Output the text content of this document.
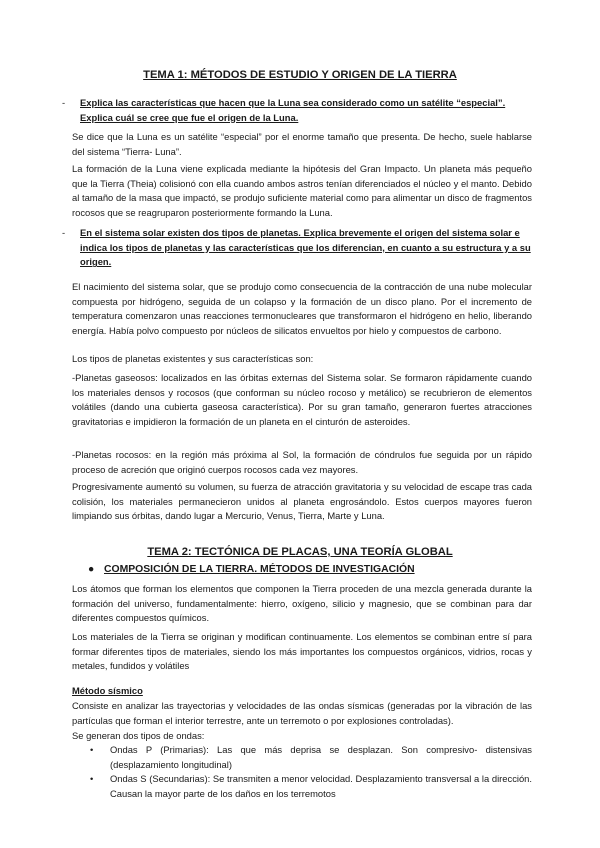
TEMA 1: MÉTODOS DE ESTUDIO Y ORIGEN DE LA TIERRA
- Explica las características que hacen que la Luna sea considerado como un satélite “especial”. Explica cuál se cree que fue el origen de la Luna.

Se dice que la Luna es un satélite “especial” por el enorme tamaño que presenta. De hecho, suele hablarse del sistema “Tierra- Luna”.

La formación de la Luna viene explicada mediante la hipótesis del Gran Impacto. Un planeta más pequeño que la Tierra (Theia) colisionó con ella cuando ambos astros tenían diferenciados el núcleo y el manto. Debido al tamaño de la masa que impactó, se produjo suficiente material como para alimentar un disco de fragmentos rocosos que se reagruparon posteriormente formando la Luna.

- En el sistema solar existen dos tipos de planetas. Explica brevemente el origen del sistema solar e indica los tipos de planetas y las características que los diferencian, en cuanto a su estructura y a su origen.

El nacimiento del sistema solar, que se produjo como consecuencia de la contracción de una nube molecular compuesta por hidrógeno, seguida de un colapso y la formación de un disco plano. Por el incremento de temperatura comenzaron unas reacciones termonucleares que transformaron el hidrógeno en helio, liberando energía. Había polvo compuesto por núcleos de silicatos envueltos por hielo y compuestos de carbono.

Los tipos de planetas existentes y sus características son:

-Planetas gaseosos: localizados en las órbitas externas del Sistema solar. Se formaron rápidamente cuando los materiales densos y rocosos (que conforman su núcleo rocoso y metálico) se recubrieron de elementos volátiles (dando una cubierta gaseosa característica). Por su gran tamaño, generaron fuertes atracciones gravitatorias e impidieron la formación de un planeta en el cinturón de asteroides.

-Planetas rocosos: en la región más próxima al Sol, la formación de cóndrulos fue seguida por un rápido proceso de acreción que originó cuerpos rocosos cada vez mayores.

Progresivamente aumentó su volumen, su fuerza de atracción gravitatoria y su velocidad de escape tras cada colisión, los materiales permanecieron unidos al planeta engrosándolo. Estos cuerpos mayores fueron limpiando sus órbitas, dando lugar a Mercurio, Venus, Tierra, Marte y Luna.

TEMA 2: TECTÓNICA DE PLACAS, UNA TEORÍA GLOBAL
● COMPOSICIÓN DE LA TIERRA. MÉTODOS DE INVESTIGACIÓN

Los átomos que forman los elementos que componen la Tierra proceden de una mezcla generada durante la formación del universo, fundamentalmente: hierro, oxígeno, silicio y magnesio, que se combinan para dar diferentes compuestos químicos.

Los materiales de la Tierra se originan y modifican continuamente. Los elementos se combinan entre sí para formar diferentes tipos de materiales, siendo los más importantes los compuestos orgánicos, vidrios, rocas y metales, fundidos y volátiles

Método sísmico

Consiste en analizar las trayectorias y velocidades de las ondas sísmicas (generadas por la vibración de las partículas que forman el interior terrestre, ante un terremoto o por explosiones controladas).

Se generan dos tipos de ondas:

• Ondas P (Primarias): Las que más deprisa se desplazan. Son compresivo- distensivas (desplazamiento longitudinal)
• Ondas S (Secundarias): Se transmiten a menor velocidad. Desplazamiento transversal a la dirección. Causan la mayor parte de los daños en los terremotos
